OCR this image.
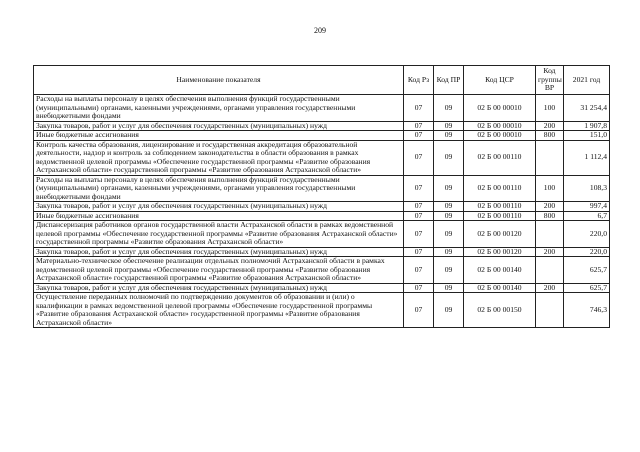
209
Наименование показателя	Код Рз	Код ПР	Код ЦСР	Код группы ВР	2021 год
Расходы на выплаты персоналу в целях обеспечения выполнения функций государственными (муниципальными) органами, казенными учреждениями, органами управления государственными внебюджетными фондами	07	09	02 Б 00 00010	100	31 254,4
Закупка товаров, работ и услуг для обеспечения государственных (муниципальных) нужд	07	09	02 Б 00 00010	200	1 907,8
Иные бюджетные ассигнования	07	09	02 Б 00 00010	800	151,0
Контроль качества образования, лицензирование и государственная аккредитация образовательной деятельности, надзор и контроль за соблюдением законодательства в области образования в рамках ведомственной целевой программы «Обеспечение государственной программы «Развитие образования Астраханской области» государственной программы «Развитие образования Астраханской области»	07	09	02 Б 00 00110		1 112,4
Расходы на выплаты персоналу в целях обеспечения выполнения функций государственными (муниципальными) органами, казенными учреждениями, органами управления государственными внебюджетными фондами	07	09	02 Б 00 00110	100	108,3
Закупка товаров, работ и услуг для обеспечения государственных (муниципальных) нужд	07	09	02 Б 00 00110	200	997,4
Иные бюджетные ассигнования	07	09	02 Б 00 00110	800	6,7
Диспансеризация работников органов государственной власти Астраханской области в рамках ведомственной целевой программы «Обеспечение государственной программы «Развитие образования Астраханской области» государственной программы «Развитие образования Астраханской области»	07	09	02 Б 00 00120		220,0
Закупка товаров, работ и услуг для обеспечения государственных (муниципальных) нужд	07	09	02 Б 00 00120	200	220,0
Материально-техническое обеспечение реализации отдельных полномочий Астраханской области в рамках ведомственной целевой программы «Обеспечение государственной программы «Развитие образования Астраханской области» государственной программы «Развитие образования Астраханской области»	07	09	02 Б 00 00140		625,7
Закупка товаров, работ и услуг для обеспечения государственных (муниципальных) нужд	07	09	02 Б 00 00140	200	625,7
Осуществление переданных полномочий по подтверждению документов об образовании и (или) о квалификации в рамках ведомственной целевой программы «Обеспечение государственной программы «Развитие образования Астраханской области» государственной программы «Развитие образования Астраханской области»	07	09	02 Б 00 00150		746,3
